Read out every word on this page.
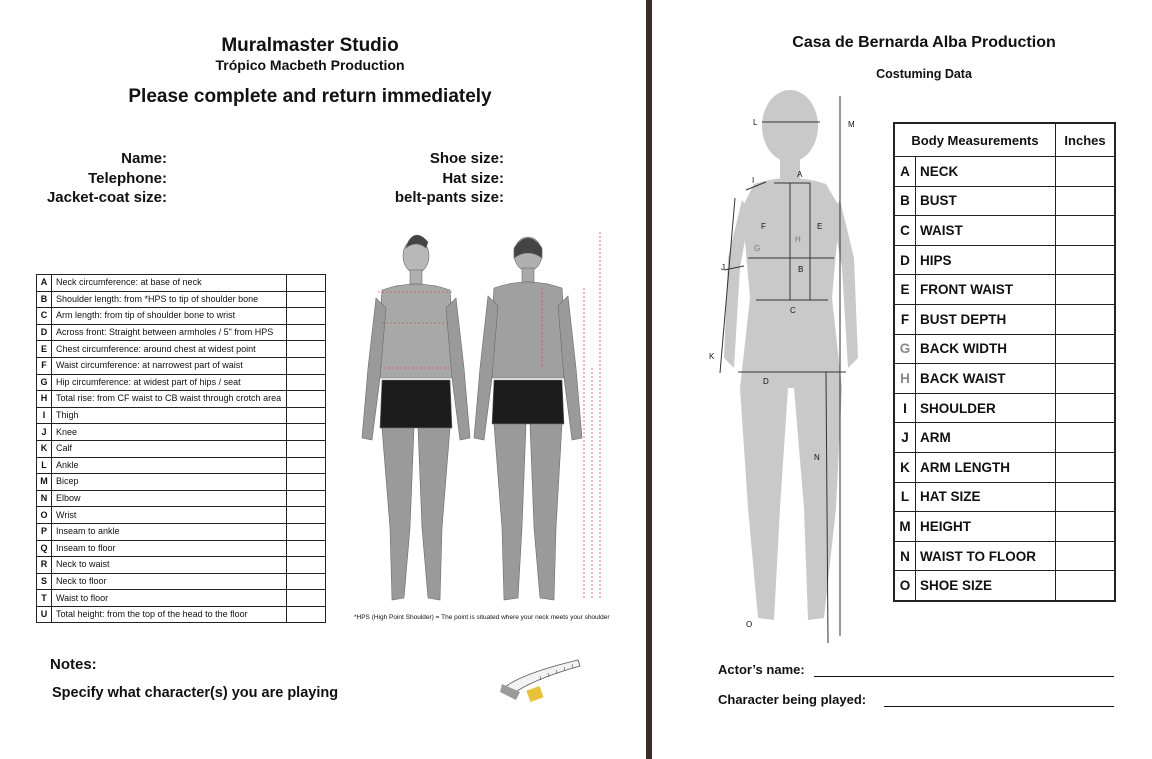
Muralmaster Studio
Trópico Macbeth Production
Please complete and return immediately
Name:
Telephone:
Jacket-coat size:
Shoe size:
Hat size:
belt-pants size:
A	Neck circumference: at base of neck	
B	Shoulder length: from *HPS to tip of shoulder bone	
C	Arm length: from tip of shoulder bone to wrist	
D	Across front: Straight between armholes / 5" from HPS	
E	Chest circumference: around chest at widest point	
F	Waist circumference: at narrowest part of waist	
G	Hip circumference: at widest part of hips / seat	
H	Total rise: from CF waist to CB waist through crotch area	
I	Thigh	
J	Knee	
K	Calf	
L	Ankle	
M	Bicep	
N	Elbow	
O	Wrist	
P	Inseam to ankle	
Q	Inseam to floor	
R	Neck to waist	
S	Neck to floor	
T	Waist to floor	
U	Total height: from the top of the head to the floor		*HPS (High Point Shoulder) = The point is situated where your neck meets your shoulder
Notes:
Specify what character(s) you are playing
Casa de Bernarda Alba Production
Costuming Data
L	M
A
I
F	E
G
H
J	B
C
K
D
N
O
Body Measurements		Inches
A	NECK	
B	BUST	
C	WAIST	
D	HIPS	
E	FRONT WAIST	
F	BUST DEPTH	
G	BACK WIDTH	
H	BACK WAIST	
I	SHOULDER	
J	ARM	
K	ARM LENGTH	
L	HAT SIZE	
M	HEIGHT	
N	WAIST TO FLOOR	
O	SHOE SIZE	
Actor’s name:
Character being played:
